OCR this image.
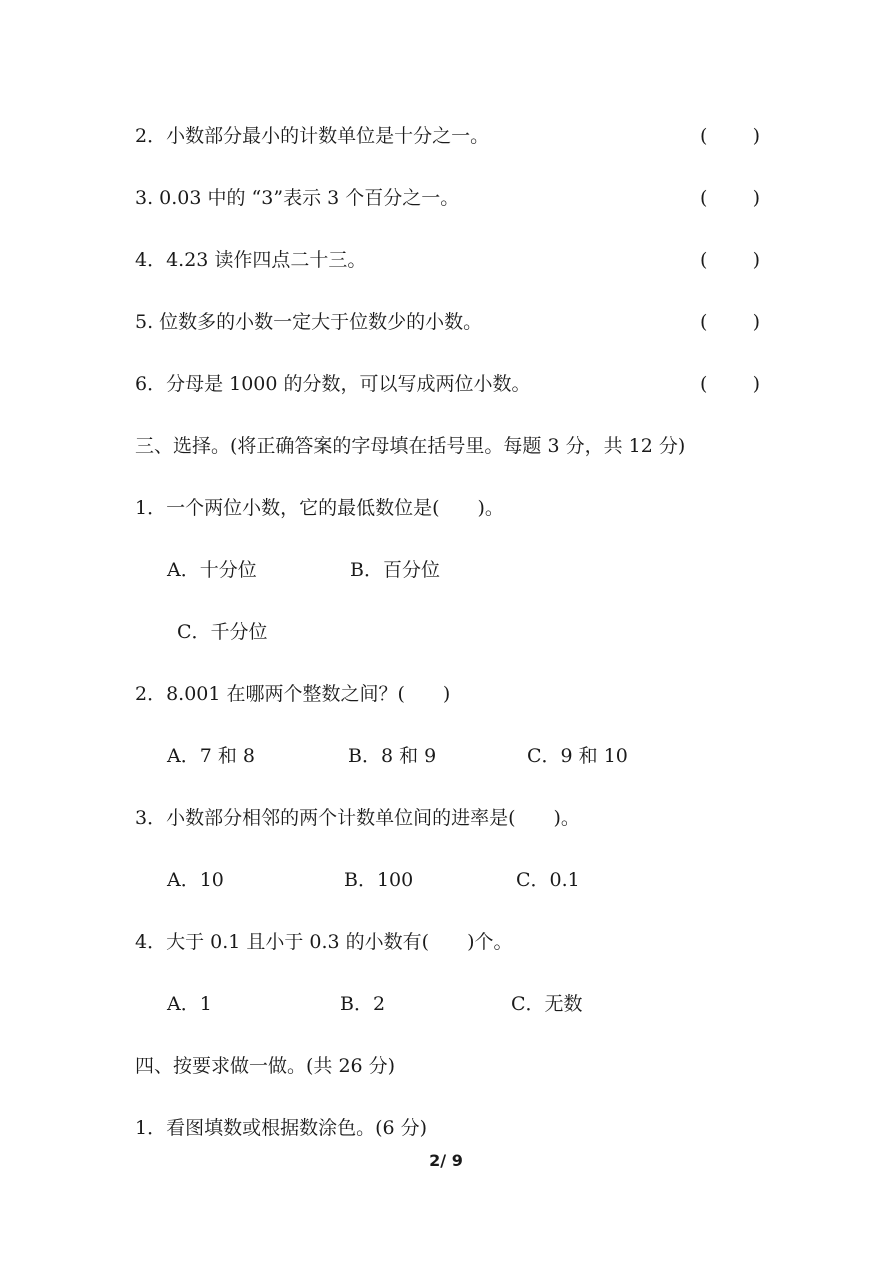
2．小数部分最小的计数单位是十分之一。	( )
3. 0.03 中的 “3”表示 3 个百分之一。	( )
4．4.23 读作四点二十三。	( )
5. 位数多的小数一定大于位数少的小数。	( )
6．分母是 1000 的分数，可以写成两位小数。	( )
三、选择。(将正确答案的字母填在括号里。每题 3 分，共 12 分)
1．一个两位小数，它的最低数位是(　　)。
A．十分位	B．百分位
C．千分位
2．8.001 在哪两个整数之间？(　　)
A．7 和 8	B．8 和 9	C．9 和 10
3．小数部分相邻的两个计数单位间的进率是(　　)。
A．10	B．100	C．0.1
4．大于 0.1 且小于 0.3 的小数有(　　)个。
A．1	B．2	C．无数
四、按要求做一做。(共 26 分)
1．看图填数或根据数涂色。(6 分)
2/ 9
